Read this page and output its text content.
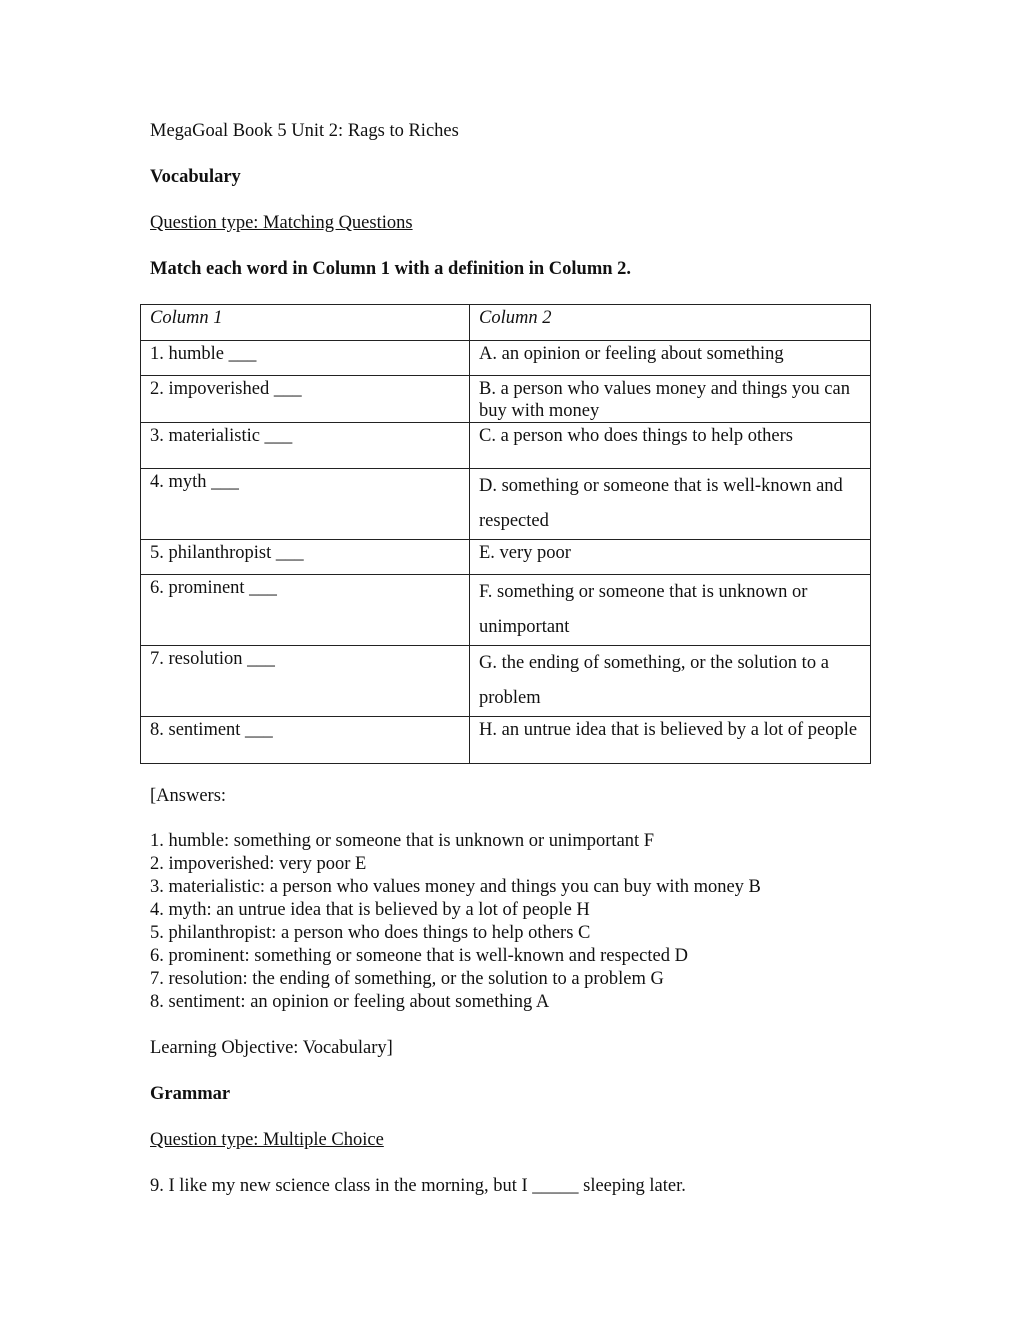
MegaGoal Book 5 Unit 2: Rags to Riches
Vocabulary
Question type: Matching Questions
Match each word in Column 1 with a definition in Column 2.
Column 1	Column 2
1. humble ___	A. an opinion or feeling about something
2. impoverished ___	B. a person who values money and things you can buy with money
3. materialistic ___	C. a person who does things to help others
4. myth ___	D. something or someone that is well-known and respected
5. philanthropist ___	E. very poor
6. prominent ___	F. something or someone that is unknown or unimportant
7. resolution ___	G. the ending of something, or the solution to a problem
8. sentiment ___	H. an untrue idea that is believed by a lot of people
[Answers:
1. humble: something or someone that is unknown or unimportant F
2. impoverished: very poor E
3. materialistic: a person who values money and things you can buy with money B
4. myth: an untrue idea that is believed by a lot of people H
5. philanthropist: a person who does things to help others C
6. prominent: something or someone that is well-known and respected D
7. resolution: the ending of something, or the solution to a problem G
8. sentiment: an opinion or feeling about something A
Learning Objective: Vocabulary]
Grammar
Question type: Multiple Choice
9. I like my new science class in the morning, but I _____ sleeping later.
